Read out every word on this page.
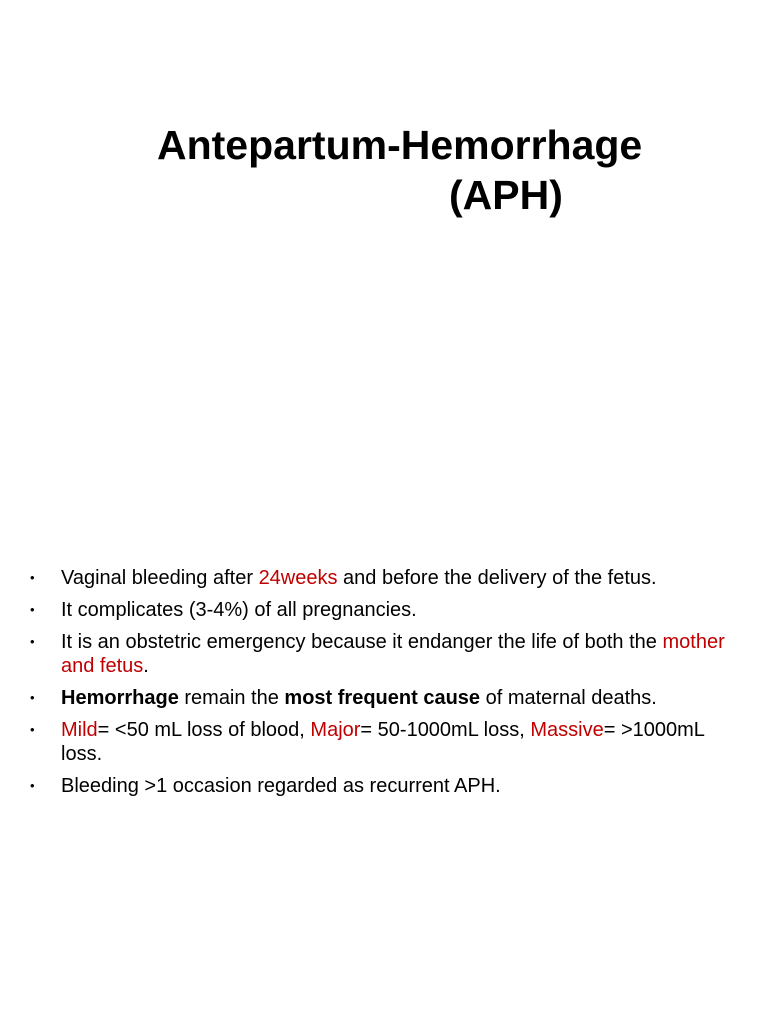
Antepartum-Hemorrhage
(APH)
• Vaginal bleeding after 24weeks and before the delivery of the fetus.
• It complicates (3-4%) of all pregnancies.
• It is an obstetric emergency because it endanger the life of both the mother and fetus.
• Hemorrhage remain the most frequent cause of maternal deaths.
• Mild= <50 mL loss of blood, Major= 50-1000mL loss, Massive= >1000mL loss.
• Bleeding >1 occasion regarded as recurrent APH.
